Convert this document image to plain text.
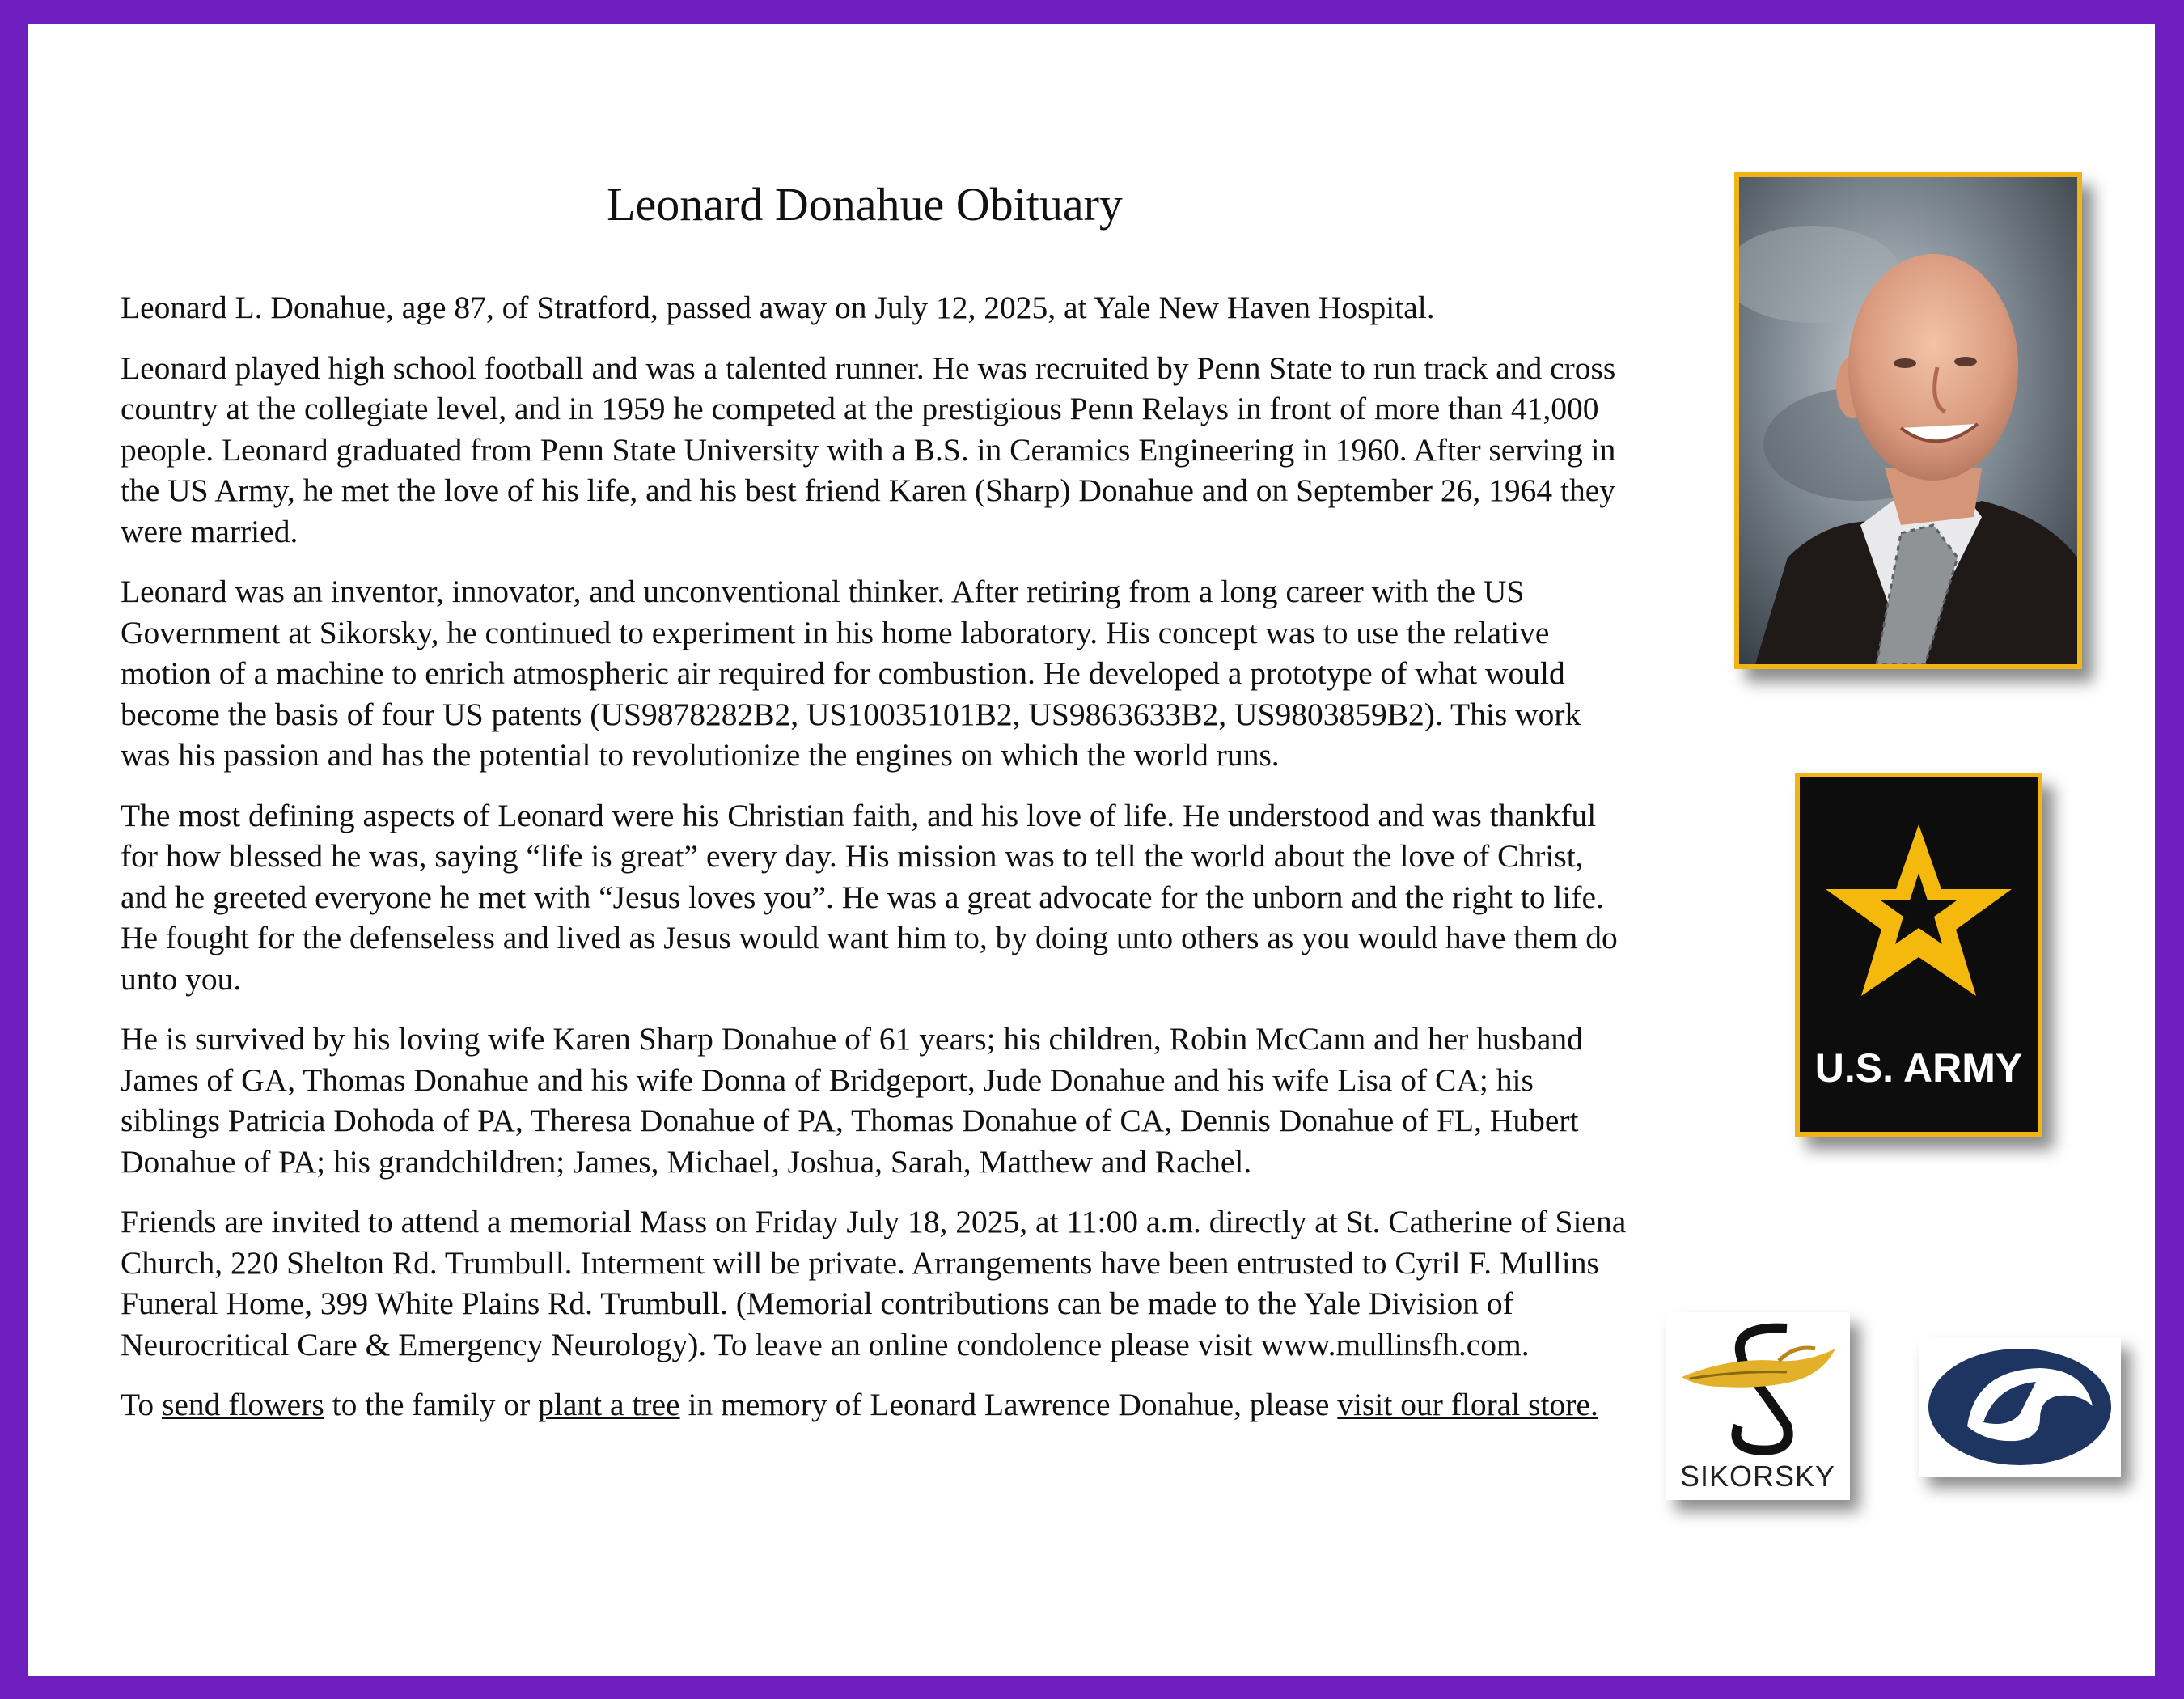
Leonard Donahue Obituary

Leonard L. Donahue, age 87, of Stratford, passed away on July 12, 2025, at Yale New Haven Hospital.

Leonard played high school football and was a talented runner. He was recruited by Penn State to run track and cross country at the collegiate level, and in 1959 he competed at the prestigious Penn Relays in front of more than 41,000 people. Leonard graduated from Penn State University with a B.S. in Ceramics Engineering in 1960. After serving in the US Army, he met the love of his life, and his best friend Karen (Sharp) Donahue and on September 26, 1964 they were married.

Leonard was an inventor, innovator, and unconventional thinker. After retiring from a long career with the US Government at Sikorsky, he continued to experiment in his home laboratory. His concept was to use the relative motion of a machine to enrich atmospheric air required for combustion. He developed a prototype of what would become the basis of four US patents (US9878282B2, US10035101B2, US9863633B2, US9803859B2). This work was his passion and has the potential to revolutionize the engines on which the world runs.

The most defining aspects of Leonard were his Christian faith, and his love of life. He understood and was thankful for how blessed he was, saying “life is great” every day. His mission was to tell the world about the love of Christ, and he greeted everyone he met with “Jesus loves you”. He was a great advocate for the unborn and the right to life. He fought for the defenseless and lived as Jesus would want him to, by doing unto others as you would have them do unto you.

He is survived by his loving wife Karen Sharp Donahue of 61 years; his children, Robin McCann and her husband James of GA, Thomas Donahue and his wife Donna of Bridgeport, Jude Donahue and his wife Lisa of CA; his siblings Patricia Dohoda of PA, Theresa Donahue of PA, Thomas Donahue of CA, Dennis Donahue of FL, Hubert Donahue of PA; his grandchildren; James, Michael, Joshua, Sarah, Matthew and Rachel.

Friends are invited to attend a memorial Mass on Friday July 18, 2025, at 11:00 a.m. directly at St. Catherine of Siena Church, 220 Shelton Rd. Trumbull. Interment will be private. Arrangements have been entrusted to Cyril F. Mullins Funeral Home, 399 White Plains Rd. Trumbull. (Memorial contributions can be made to the Yale Division of Neurocritical Care & Emergency Neurology). To leave an online condolence please visit www.mullinsfh.com.

To send flowers to the family or plant a tree in memory of Leonard Lawrence Donahue, please visit our floral store.

U.S. ARMY
SIKORSKY
